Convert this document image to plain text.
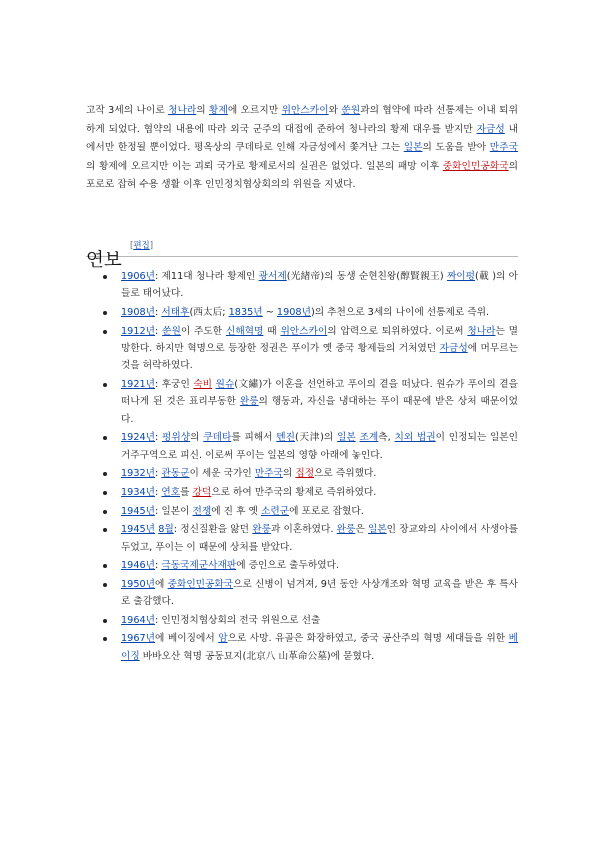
고작 3세의 나이로 청나라의 황제에 오르지만 위안스카이와 쑨원과의 협약에 따라 선통제는 이내 퇴위하게 되었다. 협약의 내용에 따라 외국 군주의 대접에 준하여 청나라의 황제 대우를 받지만 자금성 내에서만 한정될 뿐이었다. 평옥상의 쿠데타로 인해 자금성에서 쫓겨난 그는 일본의 도움을 받아 만주국의 황제에 오르지만 이는 괴뢰 국가로 황제로서의 실권은 없었다. 일본의 패망 이후 중화인민공화국의 포로로 잡혀 수용 생활 이후 인민정치협상회의의 위원을 지냈다.

연보
[편집]
1906년: 제11대 청나라 황제인 광서제(光緖帝)의 동생 순현친왕(醇賢親王) 짜이펑(載 )의 아들로 태어났다.
1908년: 서태후(西太后; 1835년 ~ 1908년)의 추천으로 3세의 나이에 선통제로 즉위.
1912년: 쑨원이 주도한 신해혁명 때 위안스카이의 압력으로 퇴위하였다. 이로써 청나라는 멸망한다. 하지만 혁명으로 등장한 정권은 푸이가 옛 중국 황제들의 거처였던 자금성에 머무르는 것을 허락하였다.
1921년: 후궁인 숙비 원슈(文繡)가 이혼을 선언하고 푸이의 곁을 떠났다. 원슈가 푸이의 곁을 떠나게 된 것은 표리부동한 완룽의 행동과, 자신을 냉대하는 푸이 때문에 받은 상처 때문이었다.
1924년: 펑위샹의 쿠데타를 피해서 톈진(天津)의 일본 조계측, 치외 법권이 인정되는 일본인 거주구역으로 피신. 이로써 푸이는 일본의 영향 아래에 놓인다.
1932년: 관동군이 세운 국가인 만주국의 집정으로 즉위했다.
1934년: 연호를 강덕으로 하여 만주국의 황제로 즉위하였다.
1945년: 일본이 전쟁에 진 후 옛 소련군에 포로로 잡혔다.
1945년 8월: 정신질환을 앓던 완룽과 이혼하였다. 완룽은 일본인 장교와의 사이에서 사생아를 두었고, 푸이는 이 때문에 상처를 받았다.
1946년: 극동국제군사재판에 증인으로 출두하였다.
1950년에 중화인민공화국으로 신병이 넘겨져, 9년 동안 사상개조와 혁명 교육을 받은 후 특사로 출감했다.
1964년: 인민정치협상회의 전국 위원으로 선출
1967년에 베이징에서 암으로 사망. 유골은 화장하였고, 중국 공산주의 혁명 세대들을 위한 베이징 바바오산 혁명 공동묘지(北京八 山革命公墓)에 묻혔다.
